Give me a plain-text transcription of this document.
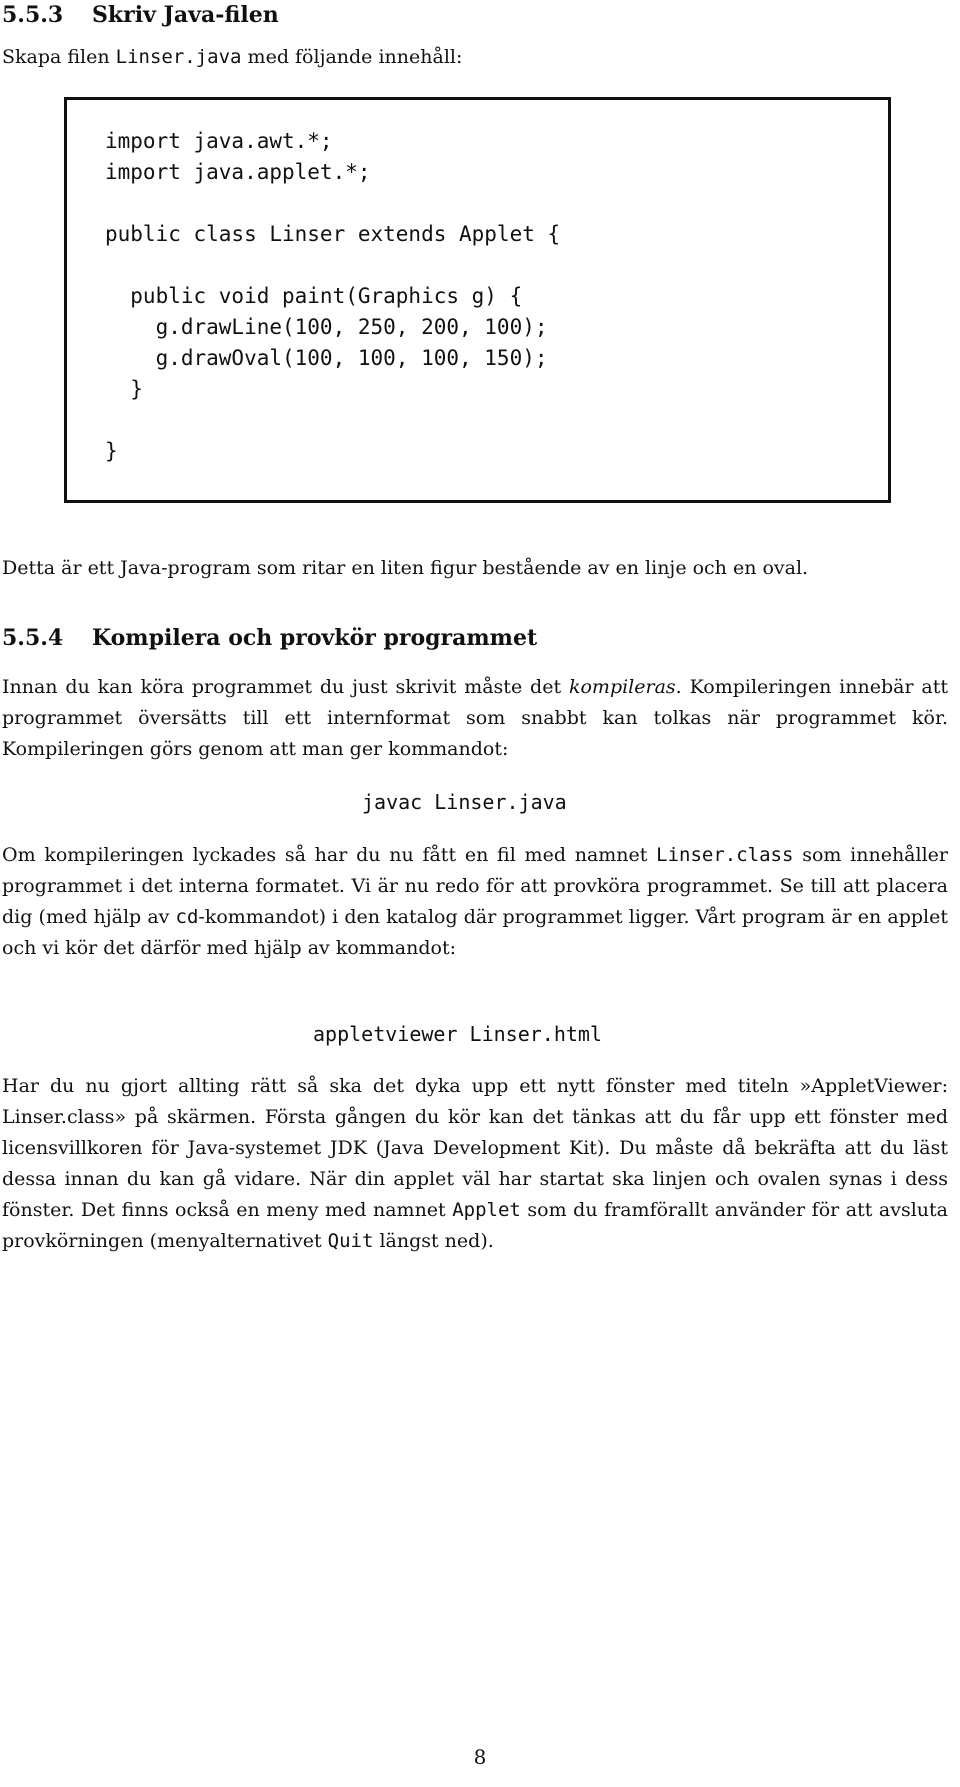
5.5.3 Skriv Java-filen

Skapa filen Linser.java med följande innehåll:

import java.awt.*;
import java.applet.*;

public class Linser extends Applet {

public void paint(Graphics g) {
g.drawLine(100, 250, 200, 100);
g.drawOval(100, 100, 100, 150);
}

}

Detta är ett Java-program som ritar en liten figur bestående av en linje och en oval.

5.5.4 Kompilera och provkör programmet

Innan du kan köra programmet du just skrivit måste det kompileras. Kompileringen innebär att programmet översätts till ett internformat som snabbt kan tolkas när programmet kör. Kompileringen görs genom att man ger kommandot:

javac Linser.java

Om kompileringen lyckades så har du nu fått en fil med namnet Linser.class som innehåller programmet i det interna formatet. Vi är nu redo för att provköra programmet. Se till att placera dig (med hjälp av cd-kommandot) i den katalog där programmet ligger. Vårt program är en applet och vi kör det därför med hjälp av kommandot:

appletviewer Linser.html

Har du nu gjort allting rätt så ska det dyka upp ett nytt fönster med titeln »AppletViewer: Linser.class» på skärmen. Första gången du kör kan det tänkas att du får upp ett fönster med licensvillkoren för Java-systemet JDK (Java Development Kit). Du måste då bekräfta att du läst dessa innan du kan gå vidare. När din applet väl har startat ska linjen och ovalen synas i dess fönster. Det finns också en meny med namnet Applet som du framförallt använder för att avsluta provkörningen (menyalternativet Quit längst ned).

8
